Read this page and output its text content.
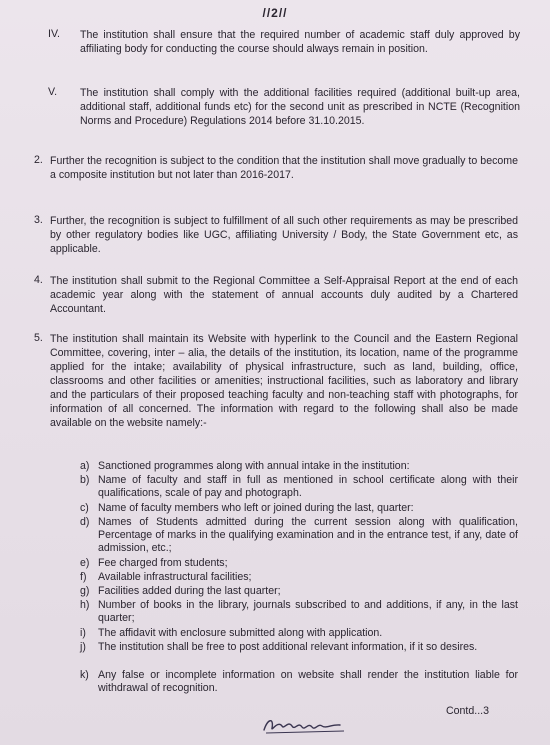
//2//
IV.	The institution shall ensure that the required number of academic staff duly approved by affiliating body for conducting the course should always remain in position.
V.	The institution shall comply with the additional facilities required (additional built-up area, additional staff, additional funds etc) for the second unit as prescribed in NCTE (Recognition Norms and Procedure) Regulations 2014 before 31.10.2015.
2. Further the recognition is subject to the condition that the institution shall move gradually to become a composite institution but not later than 2016-2017.
3. Further, the recognition is subject to fulfillment of all such other requirements as may be prescribed by other regulatory bodies like UGC, affiliating University / Body, the State Government etc, as applicable.
4. The institution shall submit to the Regional Committee a Self-Appraisal Report at the end of each academic year along with the statement of annual accounts duly audited by a Chartered Accountant.
5. The institution shall maintain its Website with hyperlink to the Council and the Eastern Regional Committee, covering, inter – alia, the details of the institution, its location, name of the programme applied for the intake; availability of physical infrastructure, such as land, building, office, classrooms and other facilities or amenities; instructional facilities, such as laboratory and library and the particulars of their proposed teaching faculty and non-teaching staff with photographs, for information of all concerned. The information with regard to the following shall also be made available on the website namely:-
a) Sanctioned programmes along with annual intake in the institution:
b) Name of faculty and staff in full as mentioned in school certificate along with their qualifications, scale of pay and photograph.
c) Name of faculty members who left or joined during the last, quarter:
d) Names of Students admitted during the current session along with qualification, Percentage of marks in the qualifying examination and in the entrance test, if any, date of admission, etc.;
e) Fee charged from students;
f) Available infrastructural facilities;
g) Facilities added during the last quarter;
h) Number of books in the library, journals subscribed to and additions, if any, in the last quarter;
i) The affidavit with enclosure submitted along with application.
j) The institution shall be free to post additional relevant information, if it so desires.
k) Any false or incomplete information on website shall render the institution liable for withdrawal of recognition.
Contd...3
